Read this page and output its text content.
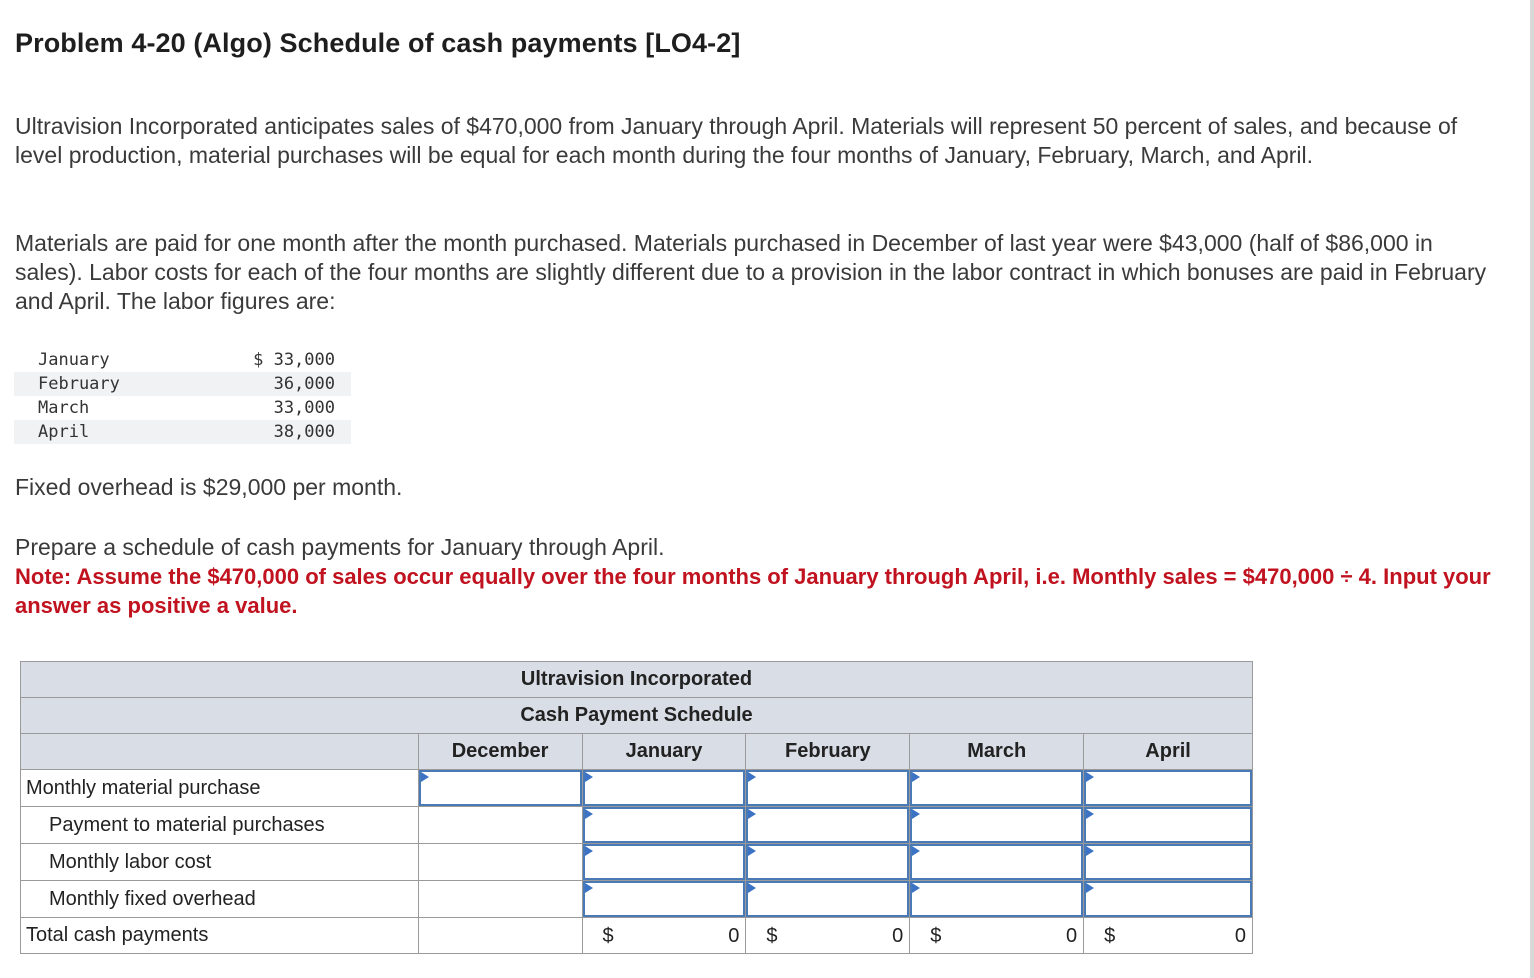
Problem 4-20 (Algo) Schedule of cash payments [LO4-2]

Ultravision Incorporated anticipates sales of $470,000 from January through April. Materials will represent 50 percent of sales, and because of level production, material purchases will be equal for each month during the four months of January, February, March, and April.

Materials are paid for one month after the month purchased. Materials purchased in December of last year were $43,000 (half of $86,000 in sales). Labor costs for each of the four months are slightly different due to a provision in the labor contract in which bonuses are paid in February and April. The labor figures are:

January	$ 33,000
February	36,000
March	33,000
April	38,000

Fixed overhead is $29,000 per month.

Prepare a schedule of cash payments for January through April.

Note: Assume the $470,000 of sales occur equally over the four months of January through April, i.e. Monthly sales = $470,000 ÷ 4. Input your answer as positive a value.

Ultravision Incorporated					
Cash Payment Schedule					
	December	January	February	March	April
Monthly material purchase	

Payment to material purchases		

Monthly labor cost		

Monthly fixed overhead		

Total cash payments		$ 0	$ 0	$ 0	$ 0
